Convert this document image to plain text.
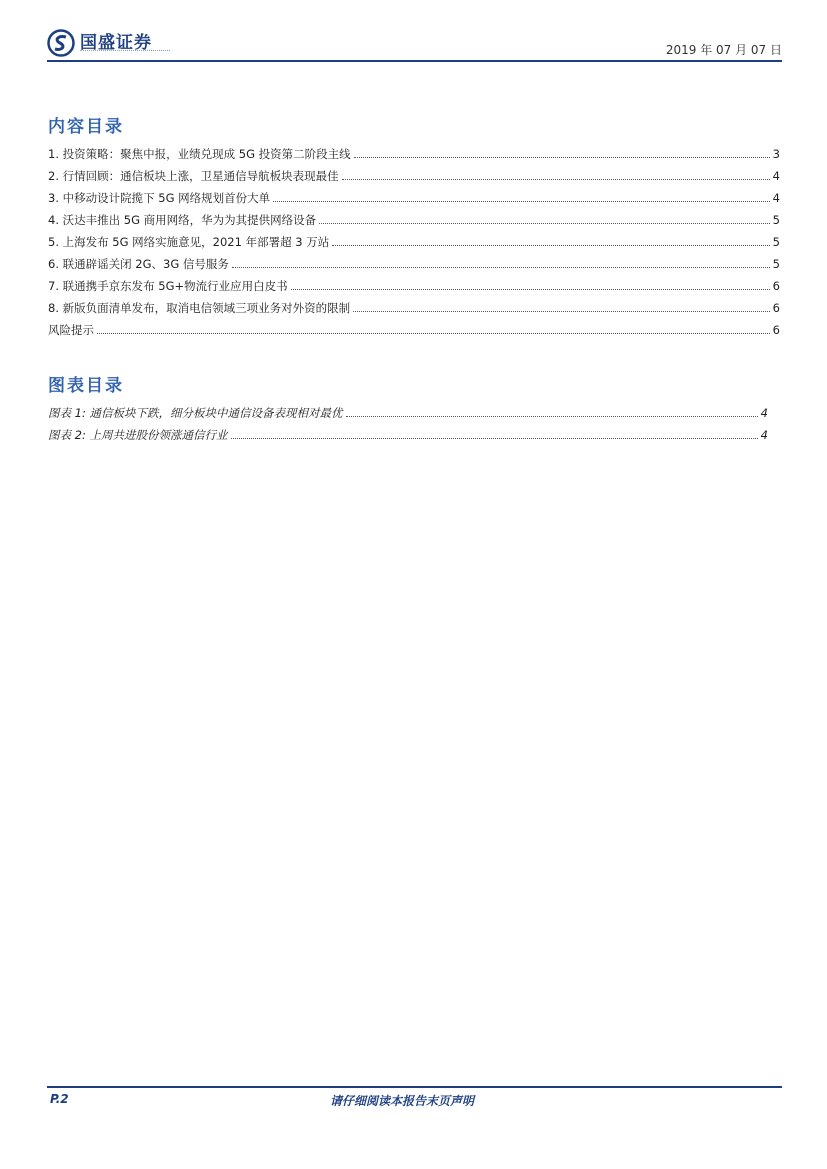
国盛证券	2019 年 07 月 07 日
内容目录
1. 投资策略：聚焦中报，业绩兑现成 5G 投资第二阶段主线	3
2. 行情回顾：通信板块上涨，卫星通信导航板块表现最佳	4
3. 中移动设计院揽下 5G 网络规划首份大单	4
4. 沃达丰推出 5G 商用网络，华为为其提供网络设备	5
5. 上海发布 5G 网络实施意见，2021 年部署超 3 万站	5
6. 联通辟谣关闭 2G、3G 信号服务	5
7. 联通携手京东发布 5G+物流行业应用白皮书	6
8. 新版负面清单发布，取消电信领域三项业务对外资的限制	6
风险提示	6
图表目录
图表 1: 通信板块下跌，细分板块中通信设备表现相对最优	4
图表 2: 上周共进股份领涨通信行业	4
P.2	请仔细阅读本报告末页声明
